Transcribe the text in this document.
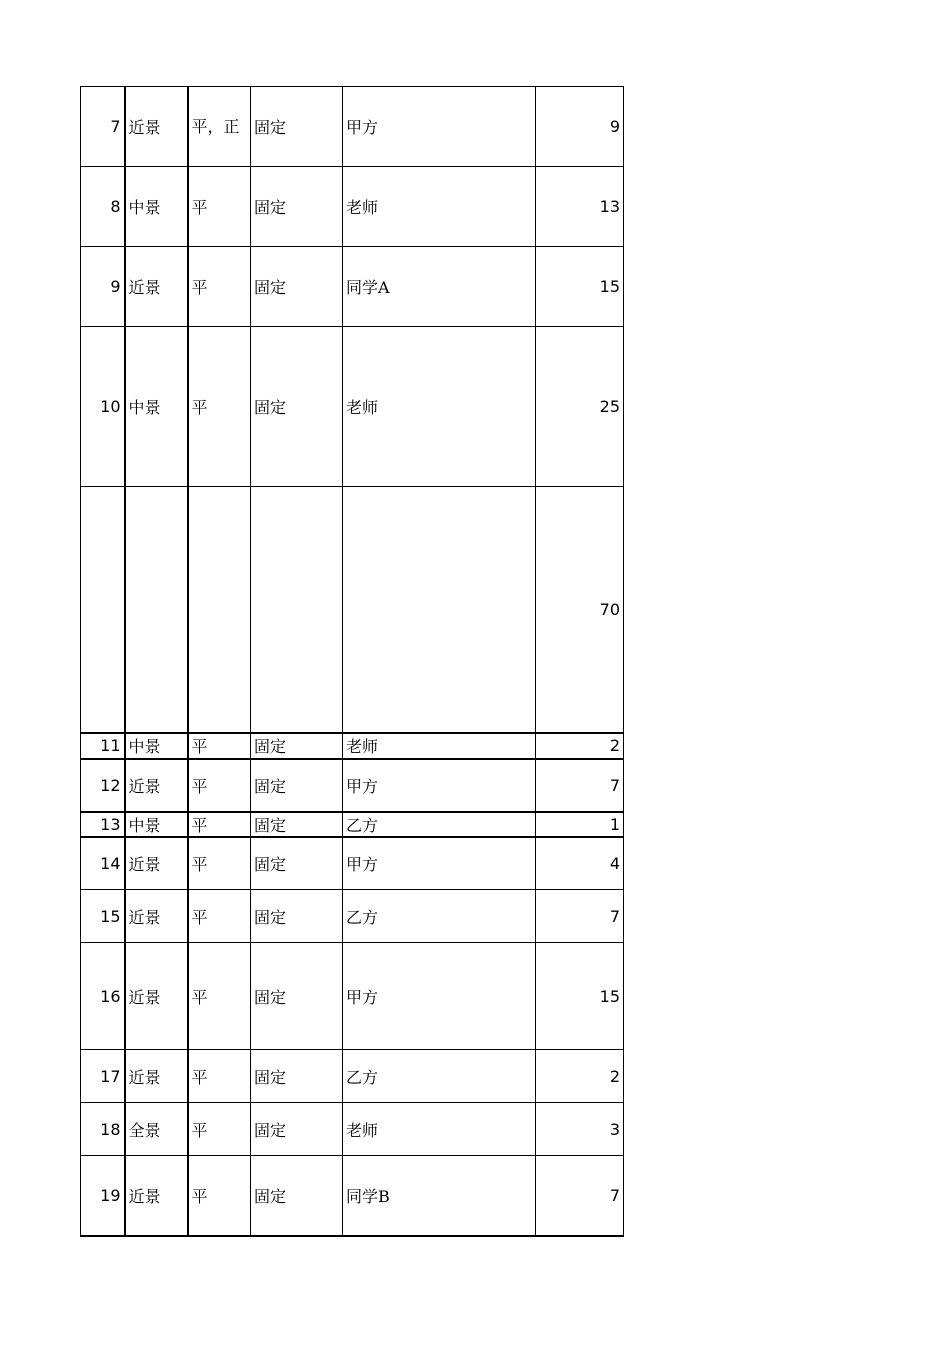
7	近景	平，正	固定	甲方	9
8	中景	平	固定	老师	13
9	近景	平	固定	同学A	15
10	中景	平	固定	老师	25
					70
11	中景	平	固定	老师	2
12	近景	平	固定	甲方	7
13	中景	平	固定	乙方	1
14	近景	平	固定	甲方	4
15	近景	平	固定	乙方	7
16	近景	平	固定	甲方	15
17	近景	平	固定	乙方	2
18	全景	平	固定	老师	3
19	近景	平	固定	同学B	7
